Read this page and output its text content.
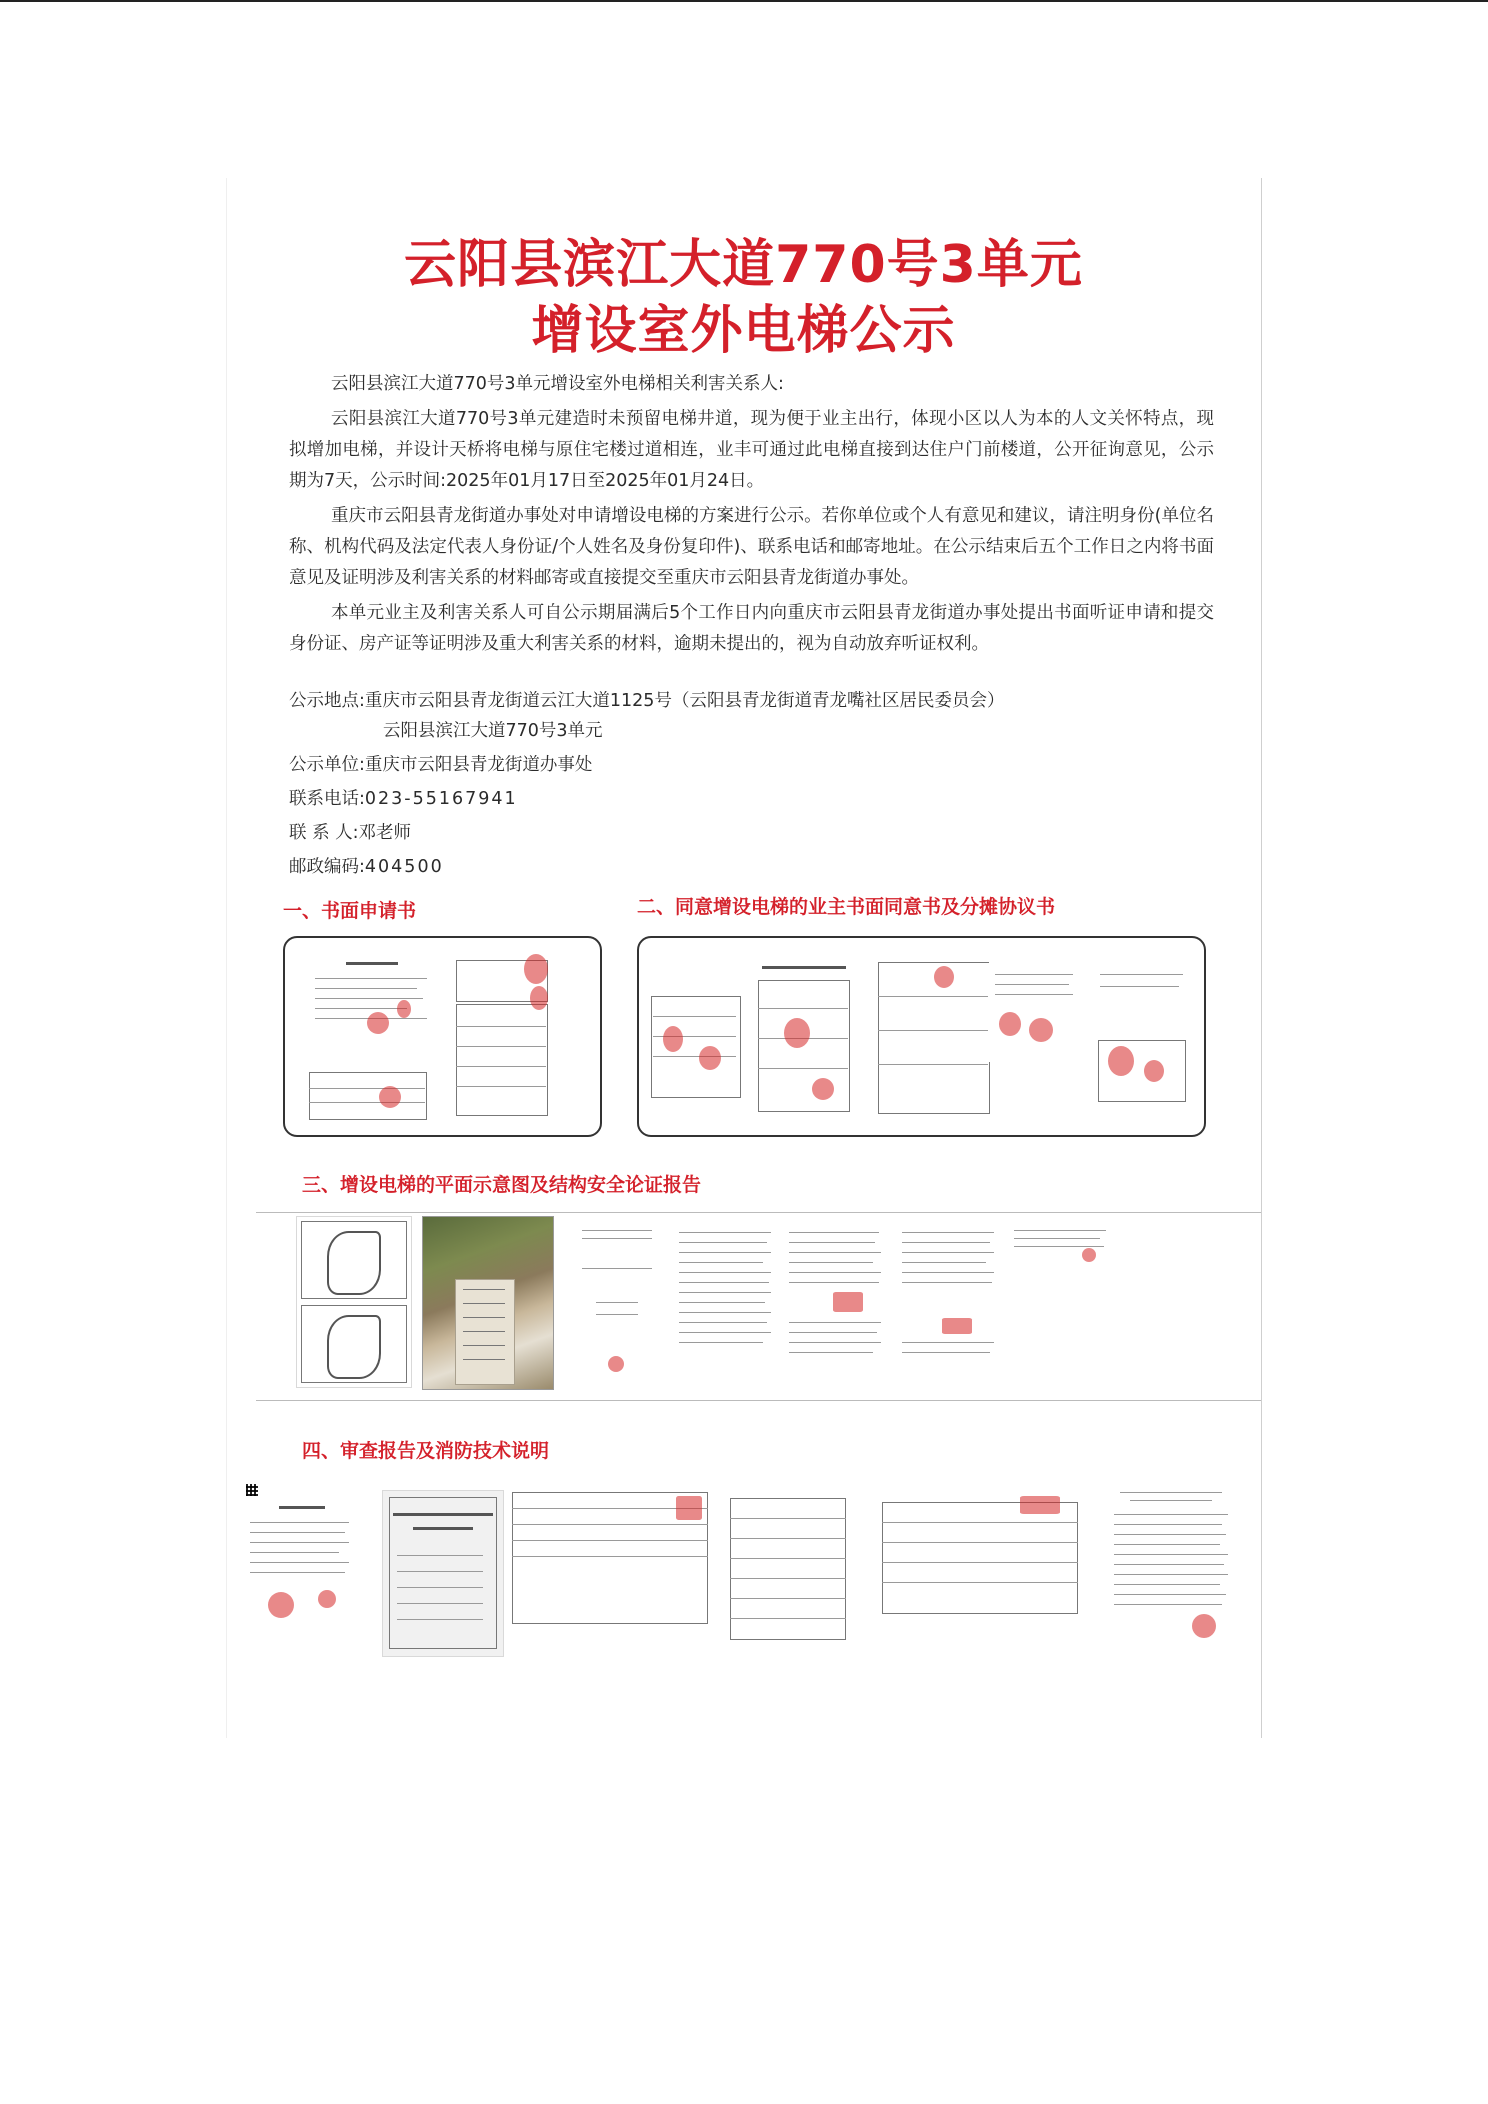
云阳县滨江大道770号3单元
增设室外电梯公示

云阳县滨江大道770号3单元增设室外电梯相关利害关系人:

云阳县滨江大道770号3单元建造时未预留电梯井道，现为便于业主出行，体现小区以人为本的人文关怀特点，现拟增加电梯，并设计天桥将电梯与原住宅楼过道相连，业丰可通过此电梯直接到达住户门前楼道，公开征询意见，公示期为7天，公示时间:2025年01月17日至2025年01月24日。

重庆市云阳县青龙街道办事处对申请增设电梯的方案进行公示。若你单位或个人有意见和建议，请注明身份(单位名称、机构代码及法定代表人身份证/个人姓名及身份复印件)、联系电话和邮寄地址。在公示结束后五个工作日之内将书面意见及证明涉及利害关系的材料邮寄或直接提交至重庆市云阳县青龙街道办事处。

本单元业主及利害关系人可自公示期届满后5个工作日内向重庆市云阳县青龙街道办事处提出书面听证申请和提交身份证、房产证等证明涉及重大利害关系的材料，逾期未提出的，视为自动放弃听证权利。

公示地点: 重庆市云阳县青龙街道云江大道1125号（云阳县青龙街道青龙嘴社区居民委员会）
云阳县滨江大道770号3单元
公示单位: 重庆市云阳县青龙街道办事处
联系电话: 023-55167941
联 系 人: 邓老师
邮政编码: 404500
一、书面申请书	二、同意增设电梯的业主书面同意书及分摊协议书
三、增设电梯的平面示意图及结构安全论证报告
四、审查报告及消防技术说明
